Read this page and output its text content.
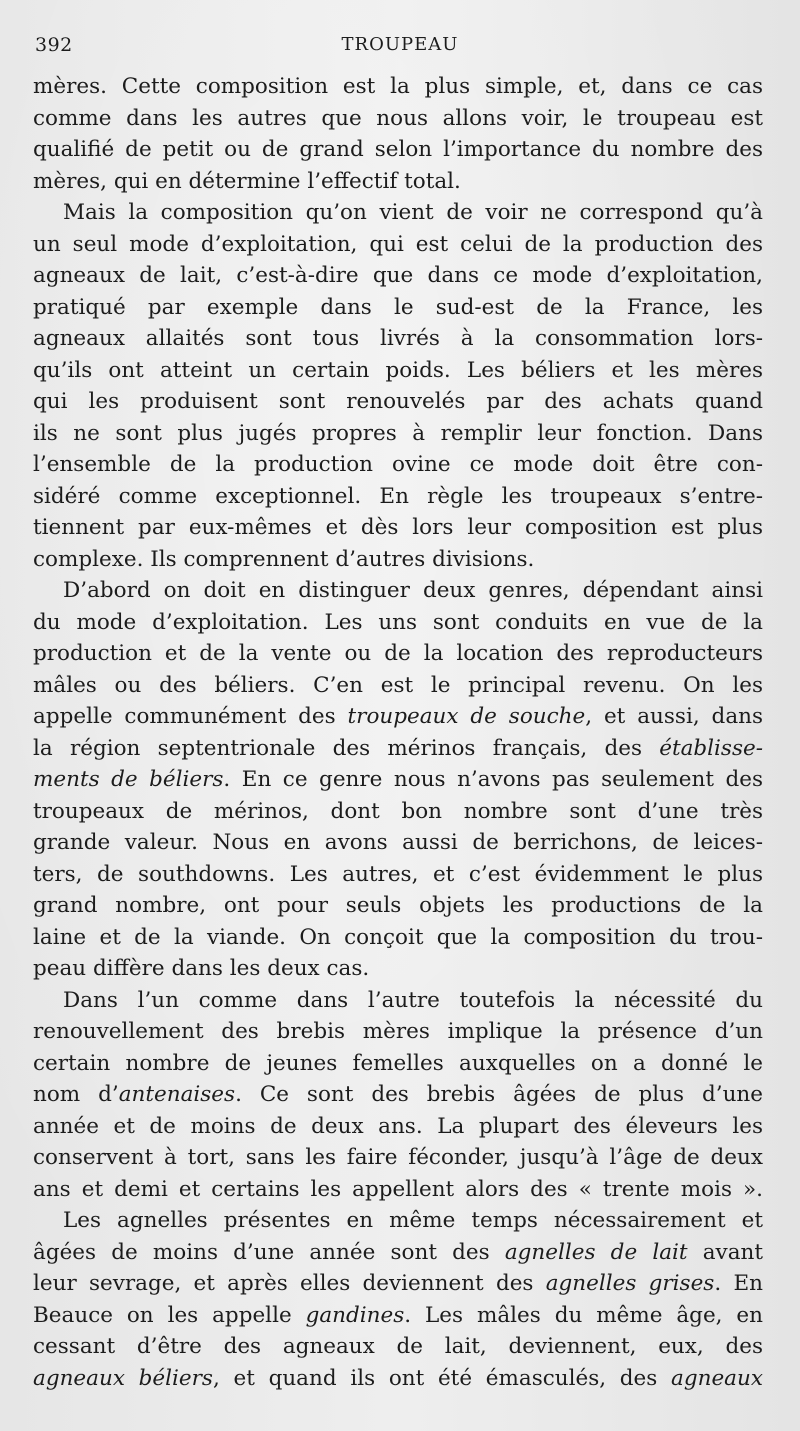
392	TROUPEAU
mères. Cette composition est la plus simple, et, dans ce cas
comme dans les autres que nous allons voir, le troupeau est
qualifié de petit ou de grand selon l’importance du nombre des
mères, qui en détermine l’effectif total.
Mais la composition qu’on vient de voir ne correspond qu’à
un seul mode d’exploitation, qui est celui de la production des
agneaux de lait, c’est-à-dire que dans ce mode d’exploitation,
pratiqué par exemple dans le sud-est de la France, les
agneaux allaités sont tous livrés à la consommation lors-
qu’ils ont atteint un certain poids. Les béliers et les mères
qui les produisent sont renouvelés par des achats quand
ils ne sont plus jugés propres à remplir leur fonction. Dans
l’ensemble de la production ovine ce mode doit être con-
sidéré comme exceptionnel. En règle les troupeaux s’entre-
tiennent par eux-mêmes et dès lors leur composition est plus
complexe. Ils comprennent d’autres divisions.
D’abord on doit en distinguer deux genres, dépendant ainsi
du mode d’exploitation. Les uns sont conduits en vue de la
production et de la vente ou de la location des reproducteurs
mâles ou des béliers. C’en est le principal revenu. On les
appelle communément des troupeaux de souche, et aussi, dans
la région septentrionale des mérinos français, des établisse-
ments de béliers. En ce genre nous n’avons pas seulement des
troupeaux de mérinos, dont bon nombre sont d’une très
grande valeur. Nous en avons aussi de berrichons, de leices-
ters, de southdowns. Les autres, et c’est évidemment le plus
grand nombre, ont pour seuls objets les productions de la
laine et de la viande. On conçoit que la composition du trou-
peau diffère dans les deux cas.
Dans l’un comme dans l’autre toutefois la nécessité du
renouvellement des brebis mères implique la présence d’un
certain nombre de jeunes femelles auxquelles on a donné le
nom d’antenaises. Ce sont des brebis âgées de plus d’une
année et de moins de deux ans. La plupart des éleveurs les
conservent à tort, sans les faire féconder, jusqu’à l’âge de deux
ans et demi et certains les appellent alors des « trente mois ».
Les agnelles présentes en même temps nécessairement et
âgées de moins d’une année sont des agnelles de lait avant
leur sevrage, et après elles deviennent des agnelles grises. En
Beauce on les appelle gandines. Les mâles du même âge, en
cessant d’être des agneaux de lait, deviennent, eux, des
agneaux béliers, et quand ils ont été émasculés, des agneaux
